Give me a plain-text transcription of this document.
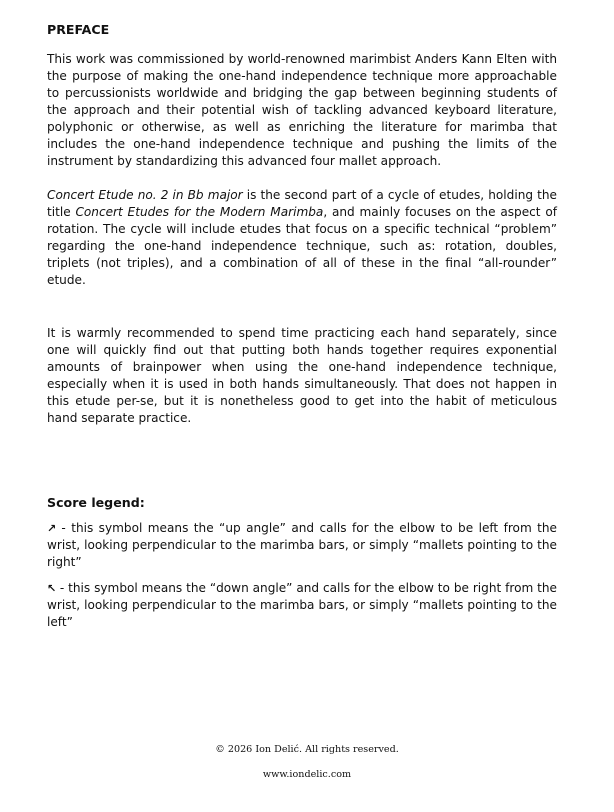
PREFACE

This work was commissioned by world-renowned marimbist Anders Kann Elten with the purpose of making the one-hand independence technique more approachable to percussionists worldwide and bridging the gap between beginning students of the approach and their potential wish of tackling advanced keyboard literature, polyphonic or otherwise, as well as enriching the literature for marimba that includes the one-hand independence technique and pushing the limits of the instrument by standardizing this advanced four mallet approach.

Concert Etude no. 2 in Bb major is the second part of a cycle of etudes, holding the title Concert Etudes for the Modern Marimba, and mainly focuses on the aspect of rotation. The cycle will include etudes that focus on a specific technical “problem” regarding the one-hand independence technique, such as: rotation, doubles, triplets (not triples), and a combination of all of these in the final “all-rounder” etude.

It is warmly recommended to spend time practicing each hand separately, since one will quickly find out that putting both hands together requires exponential amounts of brainpower when using the one-hand independence technique, especially when it is used in both hands simultaneously. That does not happen in this etude per-se, but it is nonetheless good to get into the habit of meticulous hand separate practice.

Score legend:

↗ - this symbol means the “up angle” and calls for the elbow to be left from the wrist, looking perpendicular to the marimba bars, or simply “mallets pointing to the right”

↖ - this symbol means the “down angle” and calls for the elbow to be right from the wrist, looking perpendicular to the marimba bars, or simply “mallets pointing to the left”

© 2026 Ion Delić. All rights reserved.
www.iondelic.com
